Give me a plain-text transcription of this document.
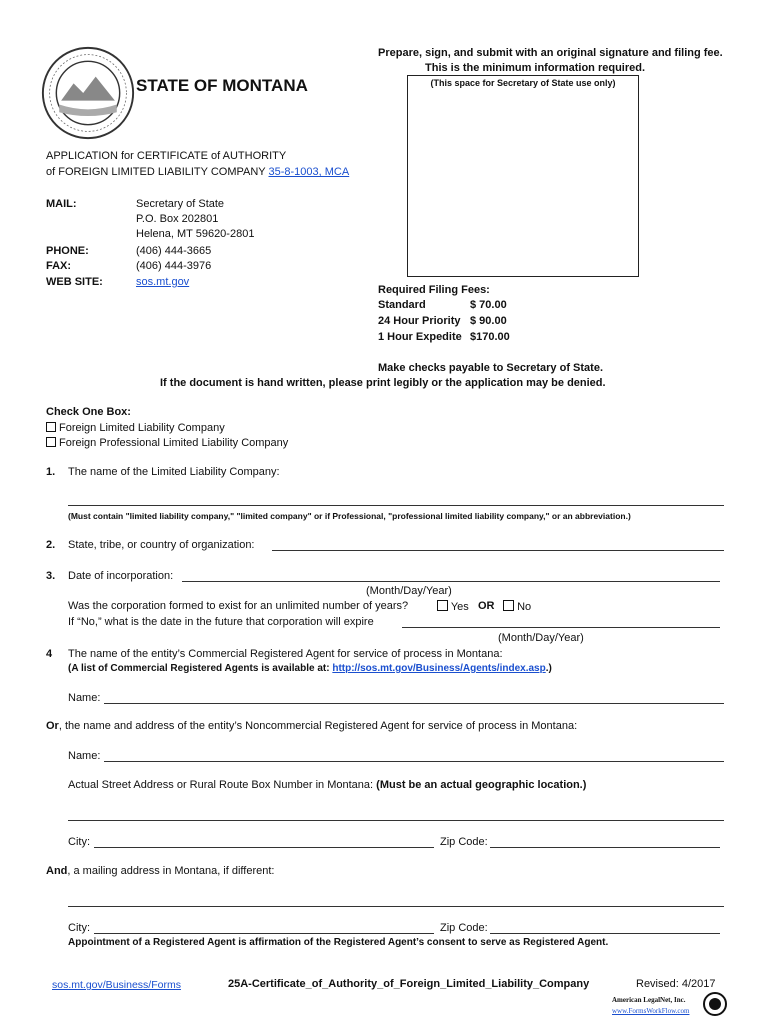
Prepare, sign, and submit with an original signature and filing fee.
This is the minimum information required.
STATE OF MONTANA	(This space for Secretary of State use only)
APPLICATION for CERTIFICATE of AUTHORITY
of FOREIGN LIMITED LIABILITY COMPANY 35-8-1003, MCA
MAIL:	Secretary of State
P.O. Box 202801
Helena, MT 59620-2801
PHONE:	(406) 444-3665
FAX:	(406) 444-3976
WEB SITE:	sos.mt.gov
Required Filing Fees:
Standard	$ 70.00
24 Hour Priority $ 90.00
1 Hour Expedite $170.00
Make checks payable to Secretary of State.
If the document is hand written, please print legibly or the application may be denied.
Check One Box:
Foreign Limited Liability Company
Foreign Professional Limited Liability Company
1. The name of the Limited Liability Company:
(Must contain "limited liability company," "limited company" or if Professional, "professional limited liability company," or an abbreviation.)
2. State, tribe, or country of organization:
3. Date of incorporation:
(Month/Day/Year)
Was the corporation formed to exist for an unlimited number of years?	Yes OR	No
If “No,” what is the date in the future that corporation will expire
(Month/Day/Year)
4 The name of the entity’s Commercial Registered Agent for service of process in Montana:
(A list of Commercial Registered Agents is available at: http://sos.mt.gov/Business/Agents/index.asp.)
Name:
Or, the name and address of the entity’s Noncommercial Registered Agent for service of process in Montana:
Name:
Actual Street Address or Rural Route Box Number in Montana: (Must be an actual geographic location.)
City:	Zip Code:
And, a mailing address in Montana, if different:
City:	Zip Code:
Appointment of a Registered Agent is affirmation of the Registered Agent’s consent to serve as Registered Agent.
sos.mt.gov/Business/Forms	25A-Certificate_of_Authority_of_Foreign_Limited_Liability_Company	Revised: 4/2017
American LegalNet, Inc.
www.FormsWorkFlow.com
